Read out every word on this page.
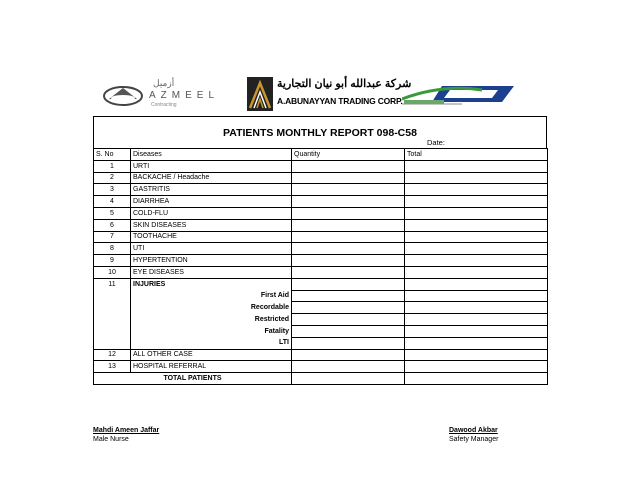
أزميل
AZMEEL
Contracting
شركة عبدالله أبو نيان التجارية
A.ABUNAYYAN TRADING CORP.
PATIENTS MONTHLY REPORT 098-C58
Date:
S. No	Diseases	Quantity	Total
1	URTI		
2	BACKACHE / Headache		
3	GASTRITIS		
4	DIARRHEA		
5	COLD-FLU		
6	SKIN DISEASES		
7	TOOTHACHE		
8	UTI		
9	HYPERTENTION		
10	EYE DISEASES		
11	INJURIES		
	First Aid		
	Recordable		
	Restricted		
	Fatality		
	LTI		
12	ALL OTHER CASE		
13	HOSPITAL REFERRAL		
TOTAL PATIENTS			
Mahdi Ameen Jaffar
Male Nurse
Dawood Akbar
Safety Manager
